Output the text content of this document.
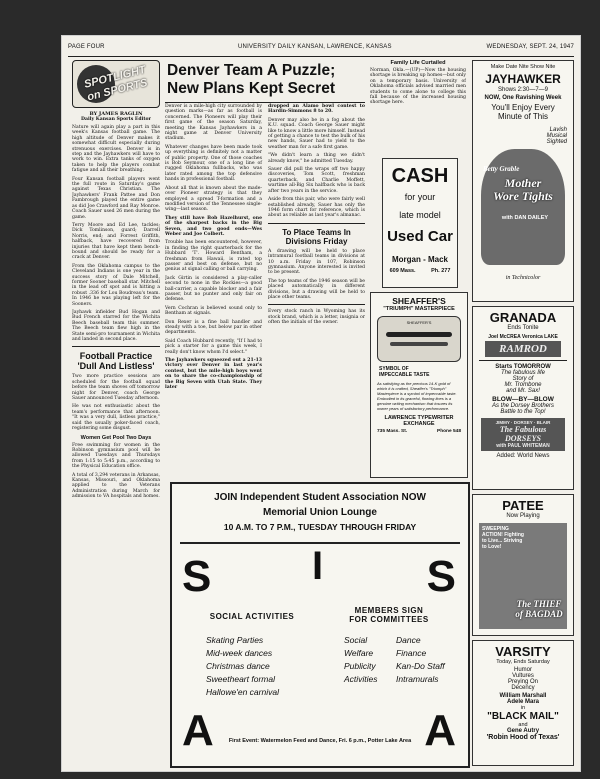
PAGE FOUR	UNIVERSITY DAILY KANSAN, LAWRENCE, KANSAS	WEDNESDAY, SEPT. 24, 1947
SPOTLIGHT on SPORTS
BY JAMES RAGLIN
Daily Kansan Sports Editor

Nature will again play a part in this week's Kansas football game. The high altitude of Denver makes it somewhat difficult especially during strenuous exercises. Denver is in step and the Jayhawkers will have to work to win. Extra tanks of oxygen taken to help the players combat fatigue and all their breathing.

Four Kansan football players went the full route in Saturday's game against Texas Christian. The Jayhawkers' Frank Pattee and Don Fambrough played the entire game as did Joe Crawford and Ray Monroe. Coach Sauer used 26 men during the game.

Terry Moore and Ed Lee, tackles; Dick Tomlinson, guard; Darrell Norris, end; and Forrest Griffith, halfback, have recovered from injuries that have kept them bench-bound and should be ready for a crack at Denver.

From the Oklahoma campus to the Cleveland Indians is one year in the success story of Dale Mitchell, former Sooner baseball star. Mitchell in the lead off spot and is hitting a robust .336 for Lou Boudreau's team. In 1946 he was playing left for the Sooners.

Jayhawk infielder Bud Hogan and Bud French starred for the Wichita Beech baseball team this summer. The Beech team flew high in the State semi-pro tournament in Wichita and landed in second place.

Football Practice 'Dull And Listless'

Two more practice sessions are scheduled for the football squad before the team shoves off tomorrow night for Denver, coach George Sauer announced Tuesday afternoon.

He was not enthusiastic about the team's performance that afternoon. "It was a very dull, listless practice," said the usually poker-faced coach, registering some disgust.

Women Get Pool Two Days

Free swimming for women in the Robinson gymnasium pool will be allowed Tuesdays and Thursdays from 1:15 to 5:45 p.m., according to the Physical Education office.

A total of 3,294 veterans in Arkansas, Kansas, Missouri, and Oklahoma applied to the Veterans Administration during March for admission to VA hospitals and homes.

Denver Team A Puzzle; New Plans Kept Secret

Denver is a mile-high city surrounded by question marks—as far as football is concerned. The Pioneers will play their first game of the season Saturday, meeting the Kansas Jayhawkers in a night game at Denver University stadium.

Whatever changes have been made took up everything is definitely not a matter of public property. One of those coaches is Bob Seymour, one of a long line of rugged Oklahoma fullbacks, who was later rated among the top defensive hands in professional football.

About all that is known about the made-over Pioneer strategy is that they employed a spread T-formation and a modified version of the Tennessee single-wing—last season.

They still have Bob Hazelhurst, one of the sharpest backs in the Big Seven, and two good ends—Wes Weber and Joe Colbert.

Trouble has been encountered, however, in finding the right quarterback for the Hubbard 'T'. Howard Bentham, a freshman from Hawaii, is rated top passer and best on defense, but no genius at signal calling or ball carrying.

Jack Girtin is considered a play-caller second to none in the Rockies—a good ball-carrier, a capable blocker and a fair passer, but no punter and only fair on defense.

Vern Cochran is believed sound only to Bentham at signals.

Don Rexer is a fine ball handler and steady with a toe, but below par in other departments.

Said Coach Hubbard recently, "If I had to pick a starter for a game this week, I really don't know whom I'd select."

The Jayhawkers squeezed out a 21-13 victory over Denver in last year's contest, but the mile-high boys went on to share the co-championship of the Big Seven with Utah State. They later

dropped an Alamo bowl contest to Hardin-Simmons 8 to 20.

Denver may also be in a fog about the K.U. squad. Coach George Sauer might like to know a little more himself. Instead of getting a chance to test the bulk of his new hands, Sauer had to yield to the weather man for a safe first game.

"We didn't learn a thing we didn't already know," he admitted Tuesday.

Sauer did pull the wraps off two happy discoveries, Tom Scott, freshman quarterback, and Charlie Moffett, wartime all-Big Six halfback who is back after two years in the service.

Aside from this pair, who were fairly well established already, Sauer has only the 1946 form chart for reference, which is about as reliable as last year's almanac.

To Place Teams In Divisions Friday

A drawing will be held to place intramural football teams in divisions at 10 a.m. Friday in 107, Robinson gymnasium. Anyone interested is invited to be present.

The top teams of the 1946 season will be placed automatically in different divisions, but a drawing will be held to place other teams.

Every stock ranch in Wyoming has its stock brand, which is a letter, insignia or often the initials of the owner.

Family Life Curtailed

Norman, Okla.—(UP)—Now the housing shortage is breaking up homes—but only on a temporary basis. University of Oklahoma officials advised married men students to come alone to college this fall because of the increased housing shortage here.

CASH
for your
late model
Used Car
Morgan - Mack
609 Mass.	Ph. 277
SHEAFFER'S
"TRIUMPH" MASTERPIECE
SHEAFFER'S
SYMBOL OF
IMPECCABLE TASTE
As satisfying as the precious 14-K gold of which it is crafted, Sheaffer's "Triumph" Masterpiece is a symbol of impeccable taste. Embodied in its graceful, flowing lines is a genuine writing mechanism that insures its owner years of satisfactory performance.
LAWRENCE TYPEWRITER
EXCHANGE
735 Mass. St.	Phone 548
Make Date Nite Show Nite
JAYHAWKER
Shows 2:30—7—9
NOW, One Ravishing Week
You'll Enjoy Every
Minute of This
Lavish
Musical
Sighted
Betty Grable
Mother Wore Tights
with DAN DAILEY
in Technicolor
GRANADA
Ends Tonite
Joel McCREA Veronica LAKE
RAMROD
Starts TOMORROW
The fabulous life
Story of
Mr. Trombone
and Mr. Sax!
BLOW—BY—BLOW
As the Dorsey Brothers
Battle to the Top!
JIMMY · DORSEY · BLAIR
The Fabulous DORSEYS
with PAUL WHITEMAN
Added: World News
PATEE
Now Playing
SWEEPING ACTION! Fighting to Live... Striving to Love!
The THIEF of BAGDAD
VARSITY
Today, Ends Saturday
Humor
Vultures
Preying On
Decency
William Marshall
Adele Mara
in
"BLACK MAIL"
and
Gene Autry
'Robin Hood of Texas'
JOIN Independent Student Association NOW
Memorial Union Lounge
10 A.M. TO 7 P.M., TUESDAY THROUGH FRIDAY
S	I S
SOCIAL ACTIVITIES
MEMBERS SIGN
FOR COMMITTEES
Skating Parties
Mid-week dances
Christmas dance
Sweetheart formal
Hallowe'en carnival
Social
Welfare
Publicity
Activities
Dance
Finance
Kan-Do Staff
Intramurals
A	A
First Event: Watermelon Feed and Dance, Fri. 6 p.m., Potter Lake Area
